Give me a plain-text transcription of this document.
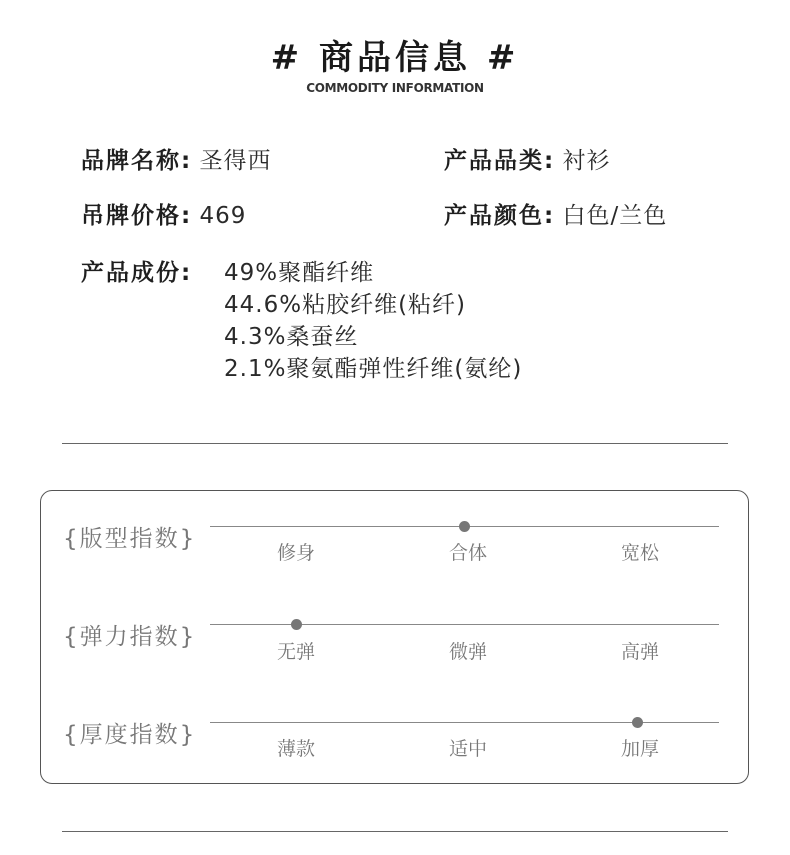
# 商品信息 #
COMMODITY INFORMATION
品牌名称: 圣得西	产品品类: 衬衫
吊牌价格: 469	产品颜色: 白色/兰色
产品成份: 49%聚酯纤维
44.6%粘胶纤维(粘纤)
4.3%桑蚕丝
2.1%聚氨酯弹性纤维(氨纶)
{版型指数}
修身	合体	宽松
{弹力指数}
无弹	微弹	高弹
{厚度指数}
薄款	适中	加厚
